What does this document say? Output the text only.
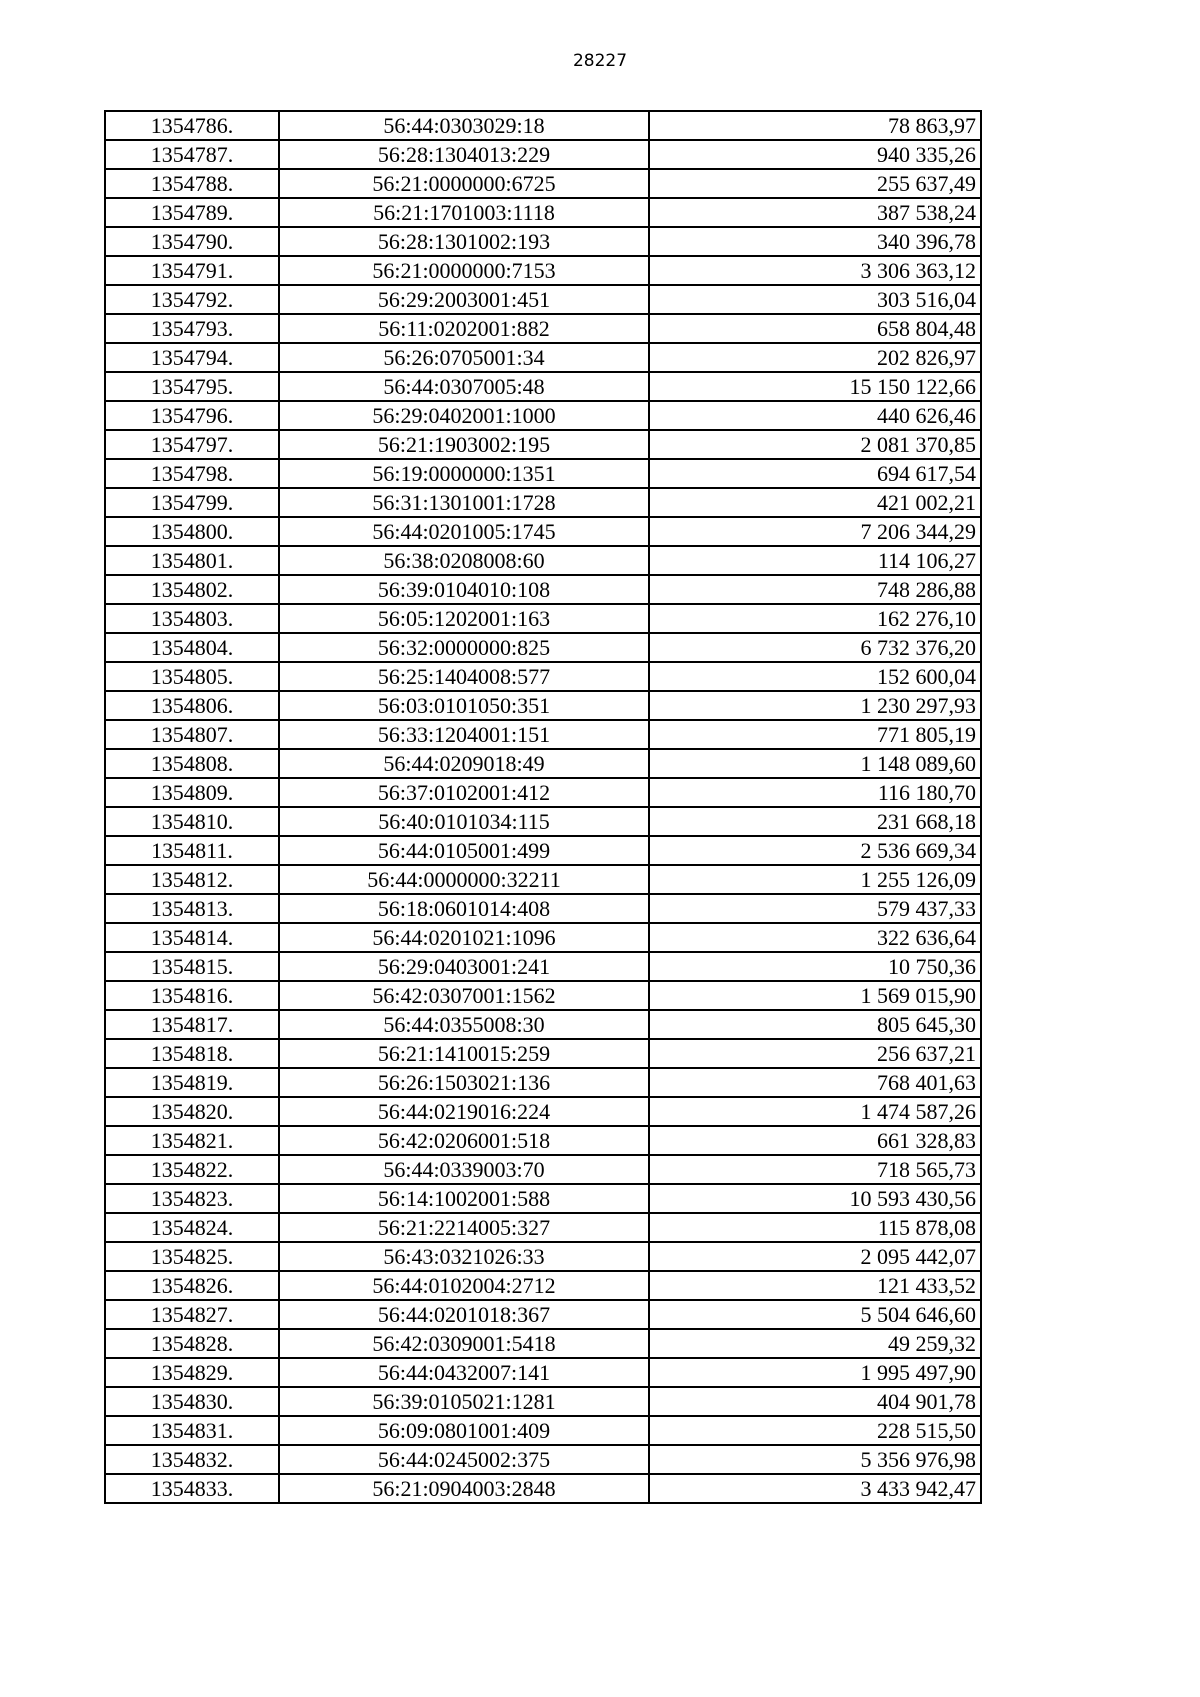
28227
1354786.	56:44:0303029:18	78 863,97
1354787.	56:28:1304013:229	940 335,26
1354788.	56:21:0000000:6725	255 637,49
1354789.	56:21:1701003:1118	387 538,24
1354790.	56:28:1301002:193	340 396,78
1354791.	56:21:0000000:7153	3 306 363,12
1354792.	56:29:2003001:451	303 516,04
1354793.	56:11:0202001:882	658 804,48
1354794.	56:26:0705001:34	202 826,97
1354795.	56:44:0307005:48	15 150 122,66
1354796.	56:29:0402001:1000	440 626,46
1354797.	56:21:1903002:195	2 081 370,85
1354798.	56:19:0000000:1351	694 617,54
1354799.	56:31:1301001:1728	421 002,21
1354800.	56:44:0201005:1745	7 206 344,29
1354801.	56:38:0208008:60	114 106,27
1354802.	56:39:0104010:108	748 286,88
1354803.	56:05:1202001:163	162 276,10
1354804.	56:32:0000000:825	6 732 376,20
1354805.	56:25:1404008:577	152 600,04
1354806.	56:03:0101050:351	1 230 297,93
1354807.	56:33:1204001:151	771 805,19
1354808.	56:44:0209018:49	1 148 089,60
1354809.	56:37:0102001:412	116 180,70
1354810.	56:40:0101034:115	231 668,18
1354811.	56:44:0105001:499	2 536 669,34
1354812.	56:44:0000000:32211	1 255 126,09
1354813.	56:18:0601014:408	579 437,33
1354814.	56:44:0201021:1096	322 636,64
1354815.	56:29:0403001:241	10 750,36
1354816.	56:42:0307001:1562	1 569 015,90
1354817.	56:44:0355008:30	805 645,30
1354818.	56:21:1410015:259	256 637,21
1354819.	56:26:1503021:136	768 401,63
1354820.	56:44:0219016:224	1 474 587,26
1354821.	56:42:0206001:518	661 328,83
1354822.	56:44:0339003:70	718 565,73
1354823.	56:14:1002001:588	10 593 430,56
1354824.	56:21:2214005:327	115 878,08
1354825.	56:43:0321026:33	2 095 442,07
1354826.	56:44:0102004:2712	121 433,52
1354827.	56:44:0201018:367	5 504 646,60
1354828.	56:42:0309001:5418	49 259,32
1354829.	56:44:0432007:141	1 995 497,90
1354830.	56:39:0105021:1281	404 901,78
1354831.	56:09:0801001:409	228 515,50
1354832.	56:44:0245002:375	5 356 976,98
1354833.	56:21:0904003:2848	3 433 942,47
